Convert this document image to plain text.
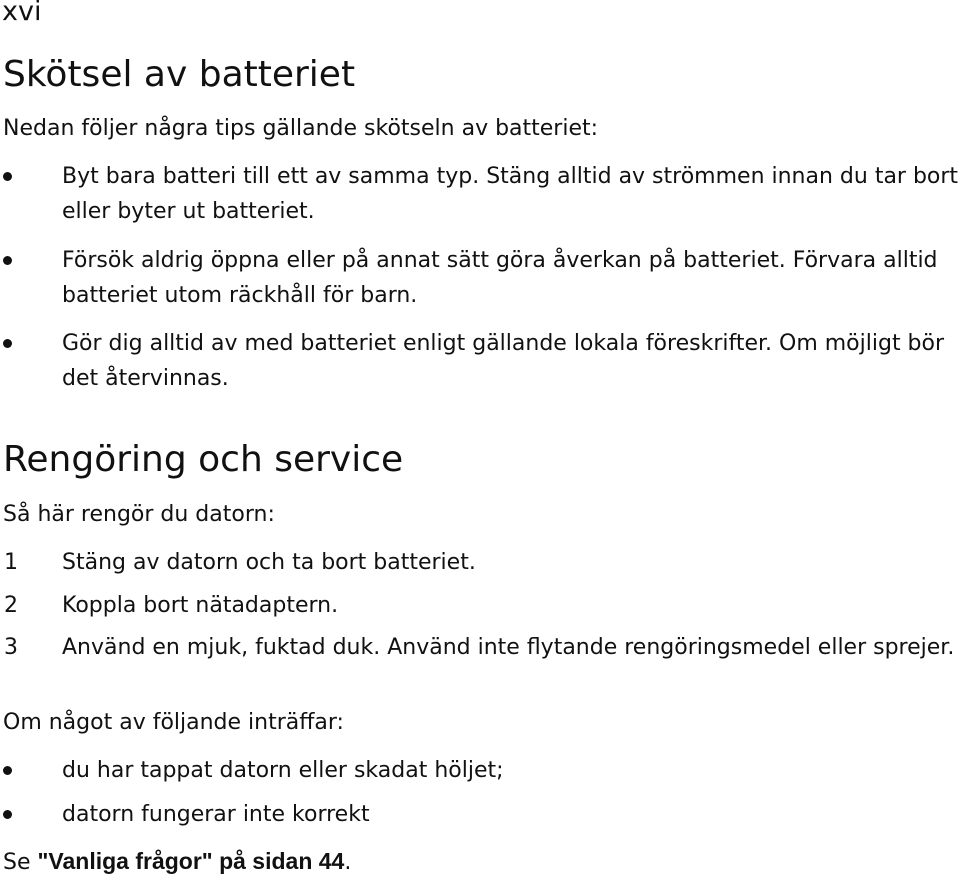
xvi
Skötsel av batteriet

Nedan följer några tips gällande skötseln av batteriet:

Byt bara batteri till ett av samma typ. Stäng alltid av strömmen innan du tar bort eller byter ut batteriet.
Försök aldrig öppna eller på annat sätt göra åverkan på batteriet. Förvara alltid batteriet utom räckhåll för barn.
Gör dig alltid av med batteriet enligt gällande lokala föreskrifter. Om möjligt bör det återvinnas.
Rengöring och service

Så här rengör du datorn:

1	Stäng av datorn och ta bort batteriet.
2	Koppla bort nätadaptern.
3	Använd en mjuk, fuktad duk. Använd inte flytande rengöringsmedel eller sprejer.

Om något av följande inträffar:

du har tappat datorn eller skadat höljet;
datorn fungerar inte korrekt
Se "Vanliga frågor" på sidan 44.
